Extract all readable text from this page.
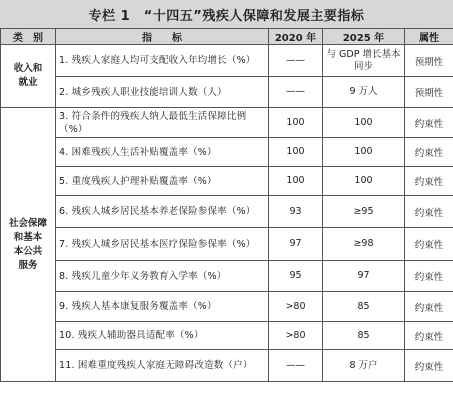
专栏 1　“十四五”残疾人保障和发展主要指标
类　别	指　　标	2020 年	2025 年	属性

收入和
就业	1. 残疾人家庭人均可支配收入年均增长（%）	——	与 GDP 增长基本同步	预期性
	2. 城乡残疾人职业技能培训人数（人）	——	9 万人	预期性

社会保障
和基本
本公共
服务	3. 符合条件的残疾人纳人最低生活保障比例（%）	100	100	约束性
	4. 困难残疾人生活补贴覆盖率（%）	100	100	约束性
	5. 重度残疾人护理补贴覆盖率（%）	100	100	约束性
	6. 残疾人城乡居民基本养老保险参保率（%）	93	≥95	约束性
	7. 残疾人城乡居民基本医疗保险参保率（%）	97	≥98	约束性
	8. 残疾儿童少年义务教育入学率（%）	95	97	约束性
	9. 残疾人基本康复服务覆盖率（%）	>80	85	约束性
	10. 残疾人辅助器具适配率（%）	>80	85	约束性
	11. 困难重度残疾人家庭无障碍改造数（户）	——	8 万户	约束性
